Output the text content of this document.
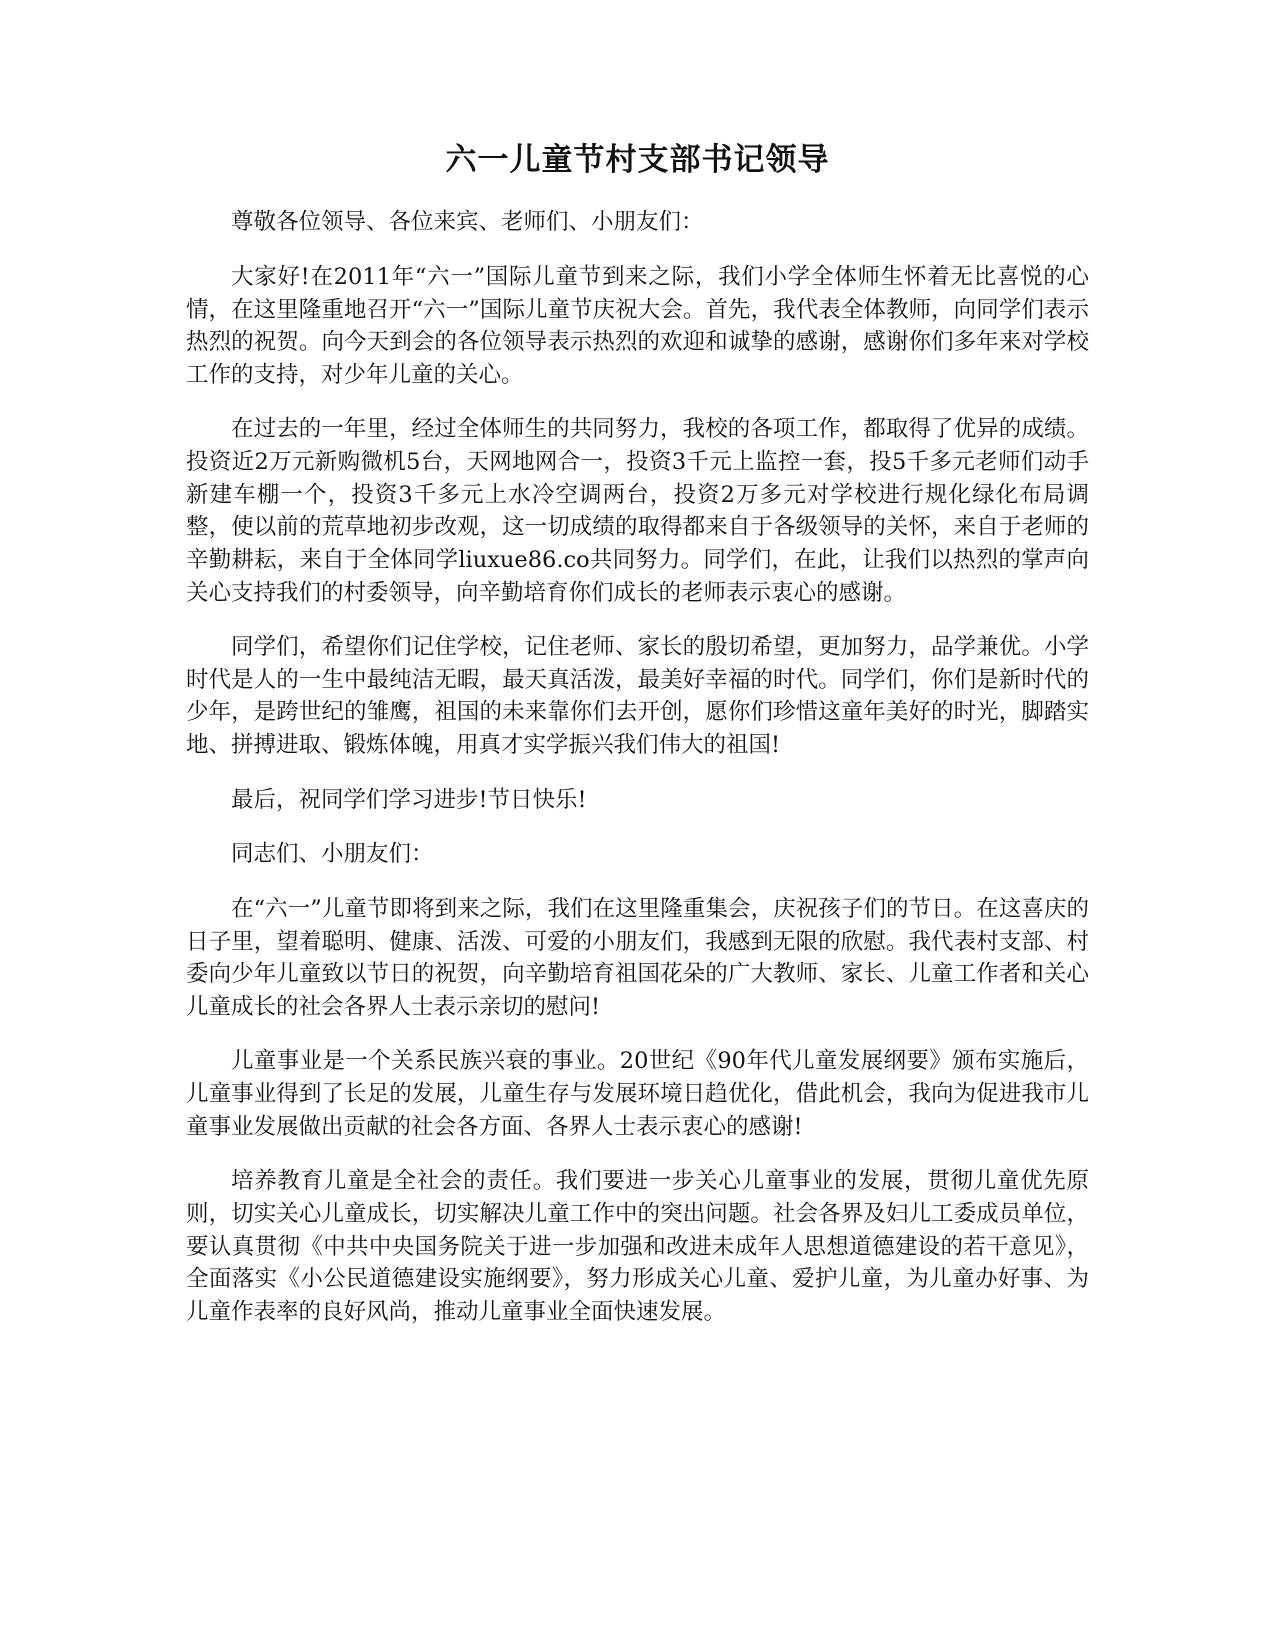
六一儿童节村支部书记领导

尊敬各位领导、各位来宾、老师们、小朋友们：

大家好!在2011年“六一”国际儿童节到来之际，我们小学全体师生怀着无比喜悦的心情，在这里隆重地召开“六一”国际儿童节庆祝大会。首先，我代表全体教师，向同学们表示热烈的祝贺。向今天到会的各位领导表示热烈的欢迎和诚挚的感谢，感谢你们多年来对学校工作的支持，对少年儿童的关心。

在过去的一年里，经过全体师生的共同努力，我校的各项工作，都取得了优异的成绩。投资近2万元新购微机5台，天网地网合一，投资3千元上监控一套，投5千多元老师们动手新建车棚一个，投资3千多元上水冷空调两台，投资2万多元对学校进行规化绿化布局调整，使以前的荒草地初步改观，这一切成绩的取得都来自于各级领导的关怀，来自于老师的辛勤耕耘，来自于全体同学liuxue86.co共同努力。同学们，在此，让我们以热烈的掌声向关心支持我们的村委领导，向辛勤培育你们成长的老师表示衷心的感谢。

同学们，希望你们记住学校，记住老师、家长的殷切希望，更加努力，品学兼优。小学时代是人的一生中最纯洁无暇，最天真活泼，最美好幸福的时代。同学们，你们是新时代的少年，是跨世纪的雏鹰，祖国的未来靠你们去开创，愿你们珍惜这童年美好的时光，脚踏实地、拼搏进取、锻炼体魄，用真才实学振兴我们伟大的祖国!

最后，祝同学们学习进步!节日快乐!

同志们、小朋友们：

在“六一”儿童节即将到来之际，我们在这里隆重集会，庆祝孩子们的节日。在这喜庆的日子里，望着聪明、健康、活泼、可爱的小朋友们，我感到无限的欣慰。我代表村支部、村委向少年儿童致以节日的祝贺，向辛勤培育祖国花朵的广大教师、家长、儿童工作者和关心儿童成长的社会各界人士表示亲切的慰问!

儿童事业是一个关系民族兴衰的事业。20世纪《90年代儿童发展纲要》颁布实施后，儿童事业得到了长足的发展，儿童生存与发展环境日趋优化，借此机会，我向为促进我市儿童事业发展做出贡献的社会各方面、各界人士表示衷心的感谢!

培养教育儿童是全社会的责任。我们要进一步关心儿童事业的发展，贯彻儿童优先原则，切实关心儿童成长，切实解决儿童工作中的突出问题。社会各界及妇儿工委成员单位，要认真贯彻《中共中央国务院关于进一步加强和改进未成年人思想道德建设的若干意见》，全面落实《小公民道德建设实施纲要》，努力形成关心儿童、爱护儿童，为儿童办好事、为儿童作表率的良好风尚，推动儿童事业全面快速发展。
